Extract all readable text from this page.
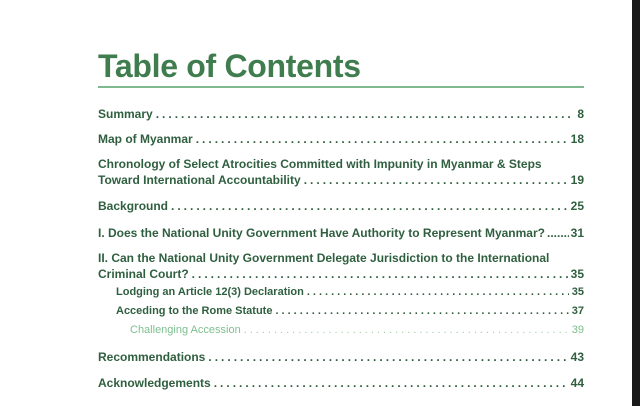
Table of Contents
Summary .....	8
Map of Myanmar .....	18
Chronology of Select Atrocities Committed with Impunity in Myanmar & Steps
Toward International Accountability .....	19
Background .....	25
I. Does the National Unity Government Have Authority to Represent Myanmar? ..... 31
II. Can the National Unity Government Delegate Jurisdiction to the International
Criminal Court? .....	35
Lodging an Article 12(3) Declaration .....	35
Acceding to the Rome Statute .....	37
Challenging Accession .....	39
Recommendations .....	43
Acknowledgements .....	44
